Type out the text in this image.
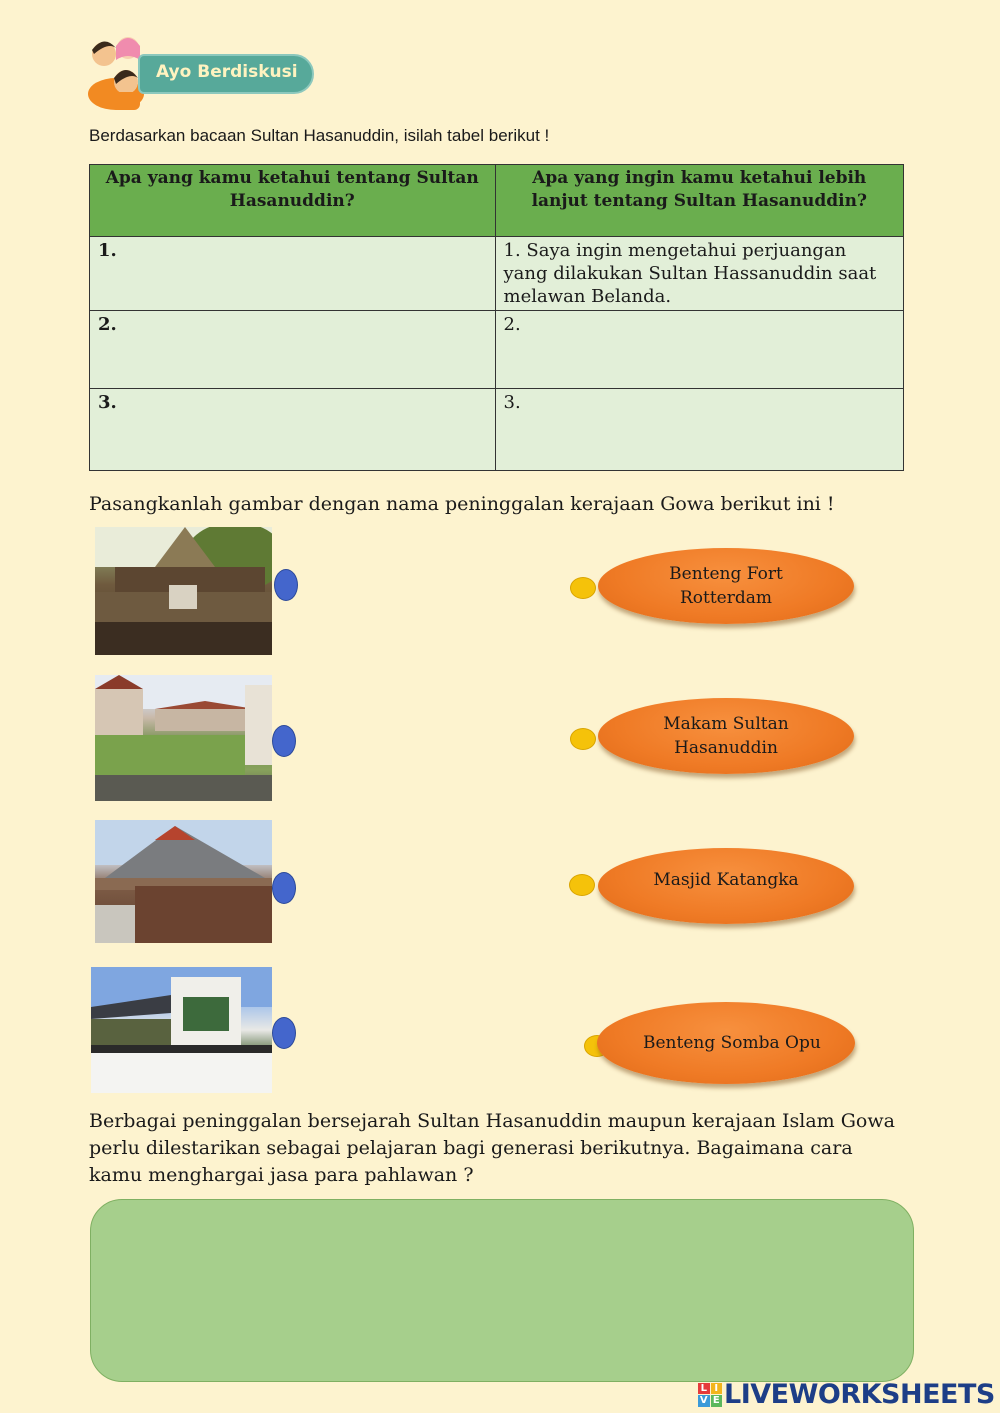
Ayo Berdiskusi

Berdasarkan bacaan Sultan Hasanuddin, isilah tabel berikut !

Apa yang kamu ketahui tentang Sultan Hasanuddin?	Apa yang ingin kamu ketahui lebih lanjut tentang Sultan Hasanuddin?
1.	1. Saya ingin mengetahui perjuangan yang dilakukan Sultan Hassanuddin saat melawan Belanda.
2.	2.
3.	3.

Pasangkanlah gambar dengan nama peninggalan kerajaan Gowa berikut ini !

Benteng Fort Rotterdam
Makam Sultan Hasanuddin
Masjid Katangka
Benteng Somba Opu

Berbagai peninggalan bersejarah Sultan Hasanuddin maupun kerajaan Islam Gowa perlu dilestarikan sebagai pelajaran bagi generasi berikutnya. Bagaimana cara kamu menghargai jasa para pahlawan ?

L I
V E LIVEWORKSHEETS
